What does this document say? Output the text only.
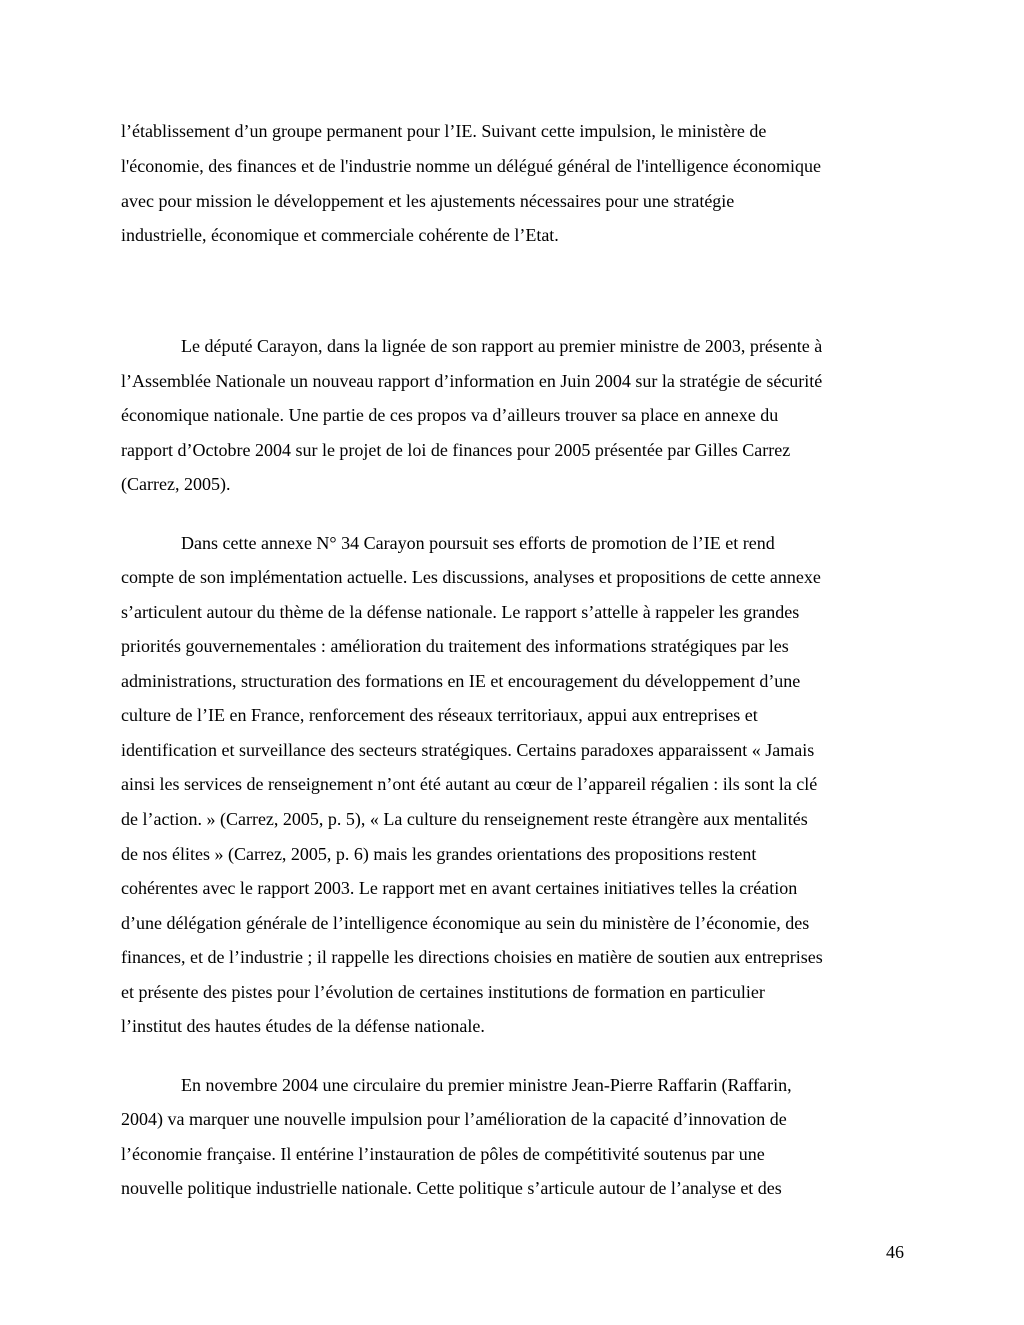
l’établissement d’un groupe permanent pour l’IE. Suivant cette impulsion, le ministère de
l'économie, des finances et de l'industrie nomme un délégué général de l'intelligence économique
avec pour mission le développement et les ajustements nécessaires pour une stratégie
industrielle, économique et commerciale cohérente de l’Etat.
Le député Carayon, dans la lignée de son rapport au premier ministre de 2003, présente à
l’Assemblée Nationale un nouveau rapport d’information en Juin 2004 sur la stratégie de sécurité
économique nationale. Une partie de ces propos va d’ailleurs trouver sa place en annexe du
rapport d’Octobre 2004 sur le projet de loi de finances pour 2005 présentée par Gilles Carrez
(Carrez, 2005).
Dans cette annexe N° 34 Carayon poursuit ses efforts de promotion de l’IE et rend
compte de son implémentation actuelle. Les discussions, analyses et propositions de cette annexe
s’articulent autour du thème de la défense nationale. Le rapport s’attelle à rappeler les grandes
priorités gouvernementales : amélioration du traitement des informations stratégiques par les
administrations, structuration des formations en IE et encouragement du développement d’une
culture de l’IE en France, renforcement des réseaux territoriaux, appui aux entreprises et
identification et surveillance des secteurs stratégiques. Certains paradoxes apparaissent « Jamais
ainsi les services de renseignement n’ont été autant au cœur de l’appareil régalien : ils sont la clé
de l’action. » (Carrez, 2005, p. 5), « La culture du renseignement reste étrangère aux mentalités
de nos élites » (Carrez, 2005, p. 6) mais les grandes orientations des propositions restent
cohérentes avec le rapport 2003. Le rapport met en avant certaines initiatives telles la création
d’une délégation générale de l’intelligence économique au sein du ministère de l’économie, des
finances, et de l’industrie ; il rappelle les directions choisies en matière de soutien aux entreprises
et présente des pistes pour l’évolution de certaines institutions de formation en particulier
l’institut des hautes études de la défense nationale.
En novembre 2004 une circulaire du premier ministre Jean-Pierre Raffarin (Raffarin,
2004) va marquer une nouvelle impulsion pour l’amélioration de la capacité d’innovation de
l’économie française. Il entérine l’instauration de pôles de compétitivité soutenus par une
nouvelle politique industrielle nationale. Cette politique s’articule autour de l’analyse et des
46
